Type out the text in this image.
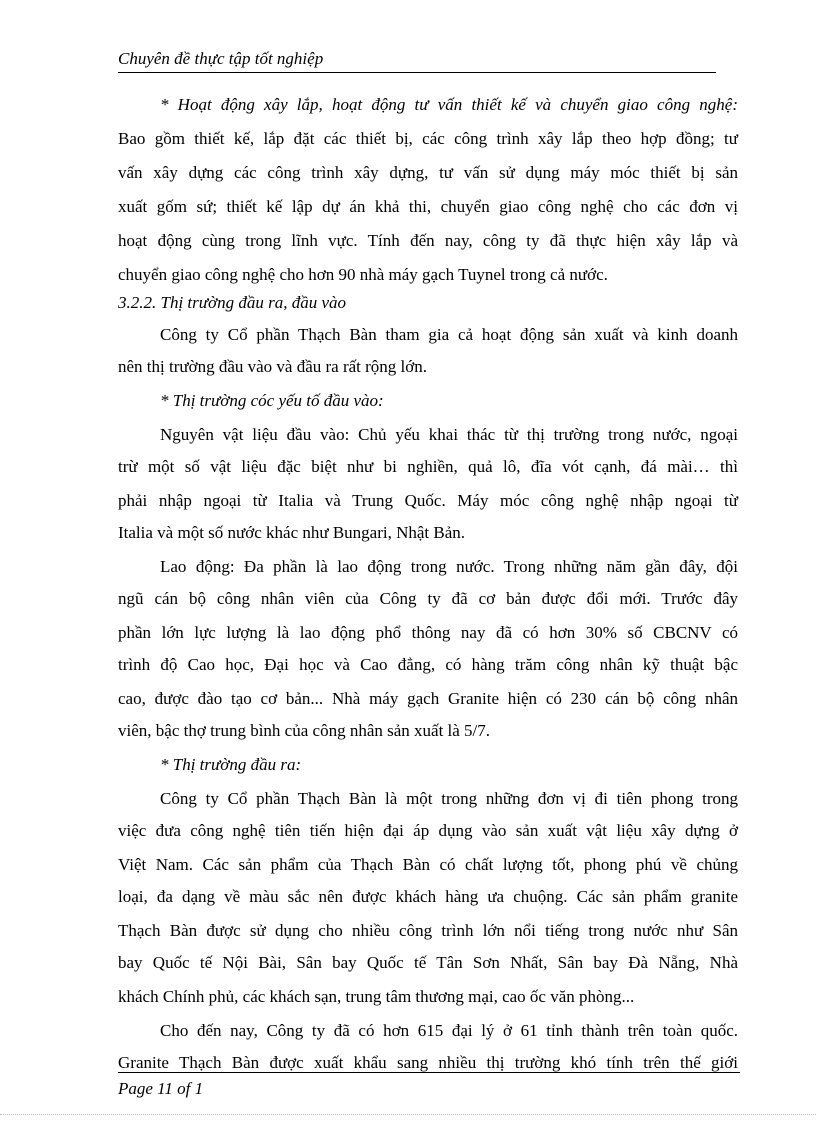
Chuyên đề thực tập tốt nghiệp
* Hoạt động xây lắp, hoạt động tư vấn thiết kế và chuyển giao công nghệ:
Bao gồm thiết kế, lắp đặt các thiết bị, các công trình xây lắp theo hợp đồng; tư
vấn xây dựng các công trình xây dựng, tư vấn sử dụng máy móc thiết bị sản
xuất gốm sứ; thiết kế lập dự án khả thi, chuyển giao công nghệ cho các đơn vị
hoạt động cùng trong lĩnh vực. Tính đến nay, công ty đã thực hiện xây lắp và
chuyển giao công nghệ cho hơn 90 nhà máy gạch Tuynel trong cả nước.
3.2.2. Thị trường đầu ra, đầu vào
Công ty Cổ phần Thạch Bàn tham gia cả hoạt động sản xuất và kinh doanh
nên thị trường đầu vào và đầu ra rất rộng lớn.
* Thị trường cóc yếu tố đầu vào:
Nguyên vật liệu đầu vào: Chủ yếu khai thác từ thị trường trong nước, ngoại
trừ một số vật liệu đặc biệt như bi nghiền, quả lô, đĩa vót cạnh, đá mài… thì
phải nhập ngoại từ Italia và Trung Quốc. Máy móc công nghệ nhập ngoại từ
Italia và một số nước khác như Bungari, Nhật Bản.
Lao động: Đa phần là lao động trong nước. Trong những năm gần đây, đội
ngũ cán bộ công nhân viên của Công ty đã cơ bản được đổi mới. Trước đây
phần lớn lực lượng là lao động phổ thông nay đã có hơn 30% số CBCNV có
trình độ Cao học, Đại học và Cao đẳng, có hàng trăm công nhân kỹ thuật bậc
cao, được đào tạo cơ bản... Nhà máy gạch Granite hiện có 230 cán bộ công nhân
viên, bậc thợ trung bình của công nhân sản xuất là 5/7.
* Thị trường đầu ra:
Công ty Cổ phần Thạch Bàn là một trong những đơn vị đi tiên phong trong
việc đưa công nghệ tiên tiến hiện đại áp dụng vào sản xuất vật liệu xây dựng ở
Việt Nam. Các sản phẩm của Thạch Bàn có chất lượng tốt, phong phú về chủng
loại, đa dạng về màu sắc nên được khách hàng ưa chuộng. Các sản phẩm granite
Thạch Bàn được sử dụng cho nhiều công trình lớn nổi tiếng trong nước như Sân
bay Quốc tế Nội Bài, Sân bay Quốc tế Tân Sơn Nhất, Sân bay Đà Nẵng, Nhà
khách Chính phủ, các khách sạn, trung tâm thương mại, cao ốc văn phòng...
Cho đến nay, Công ty đã có hơn 615 đại lý ở 61 tỉnh thành trên toàn quốc.
Granite Thạch Bàn được xuất khẩu sang nhiều thị trường khó tính trên thế giới
Page 11 of 1
